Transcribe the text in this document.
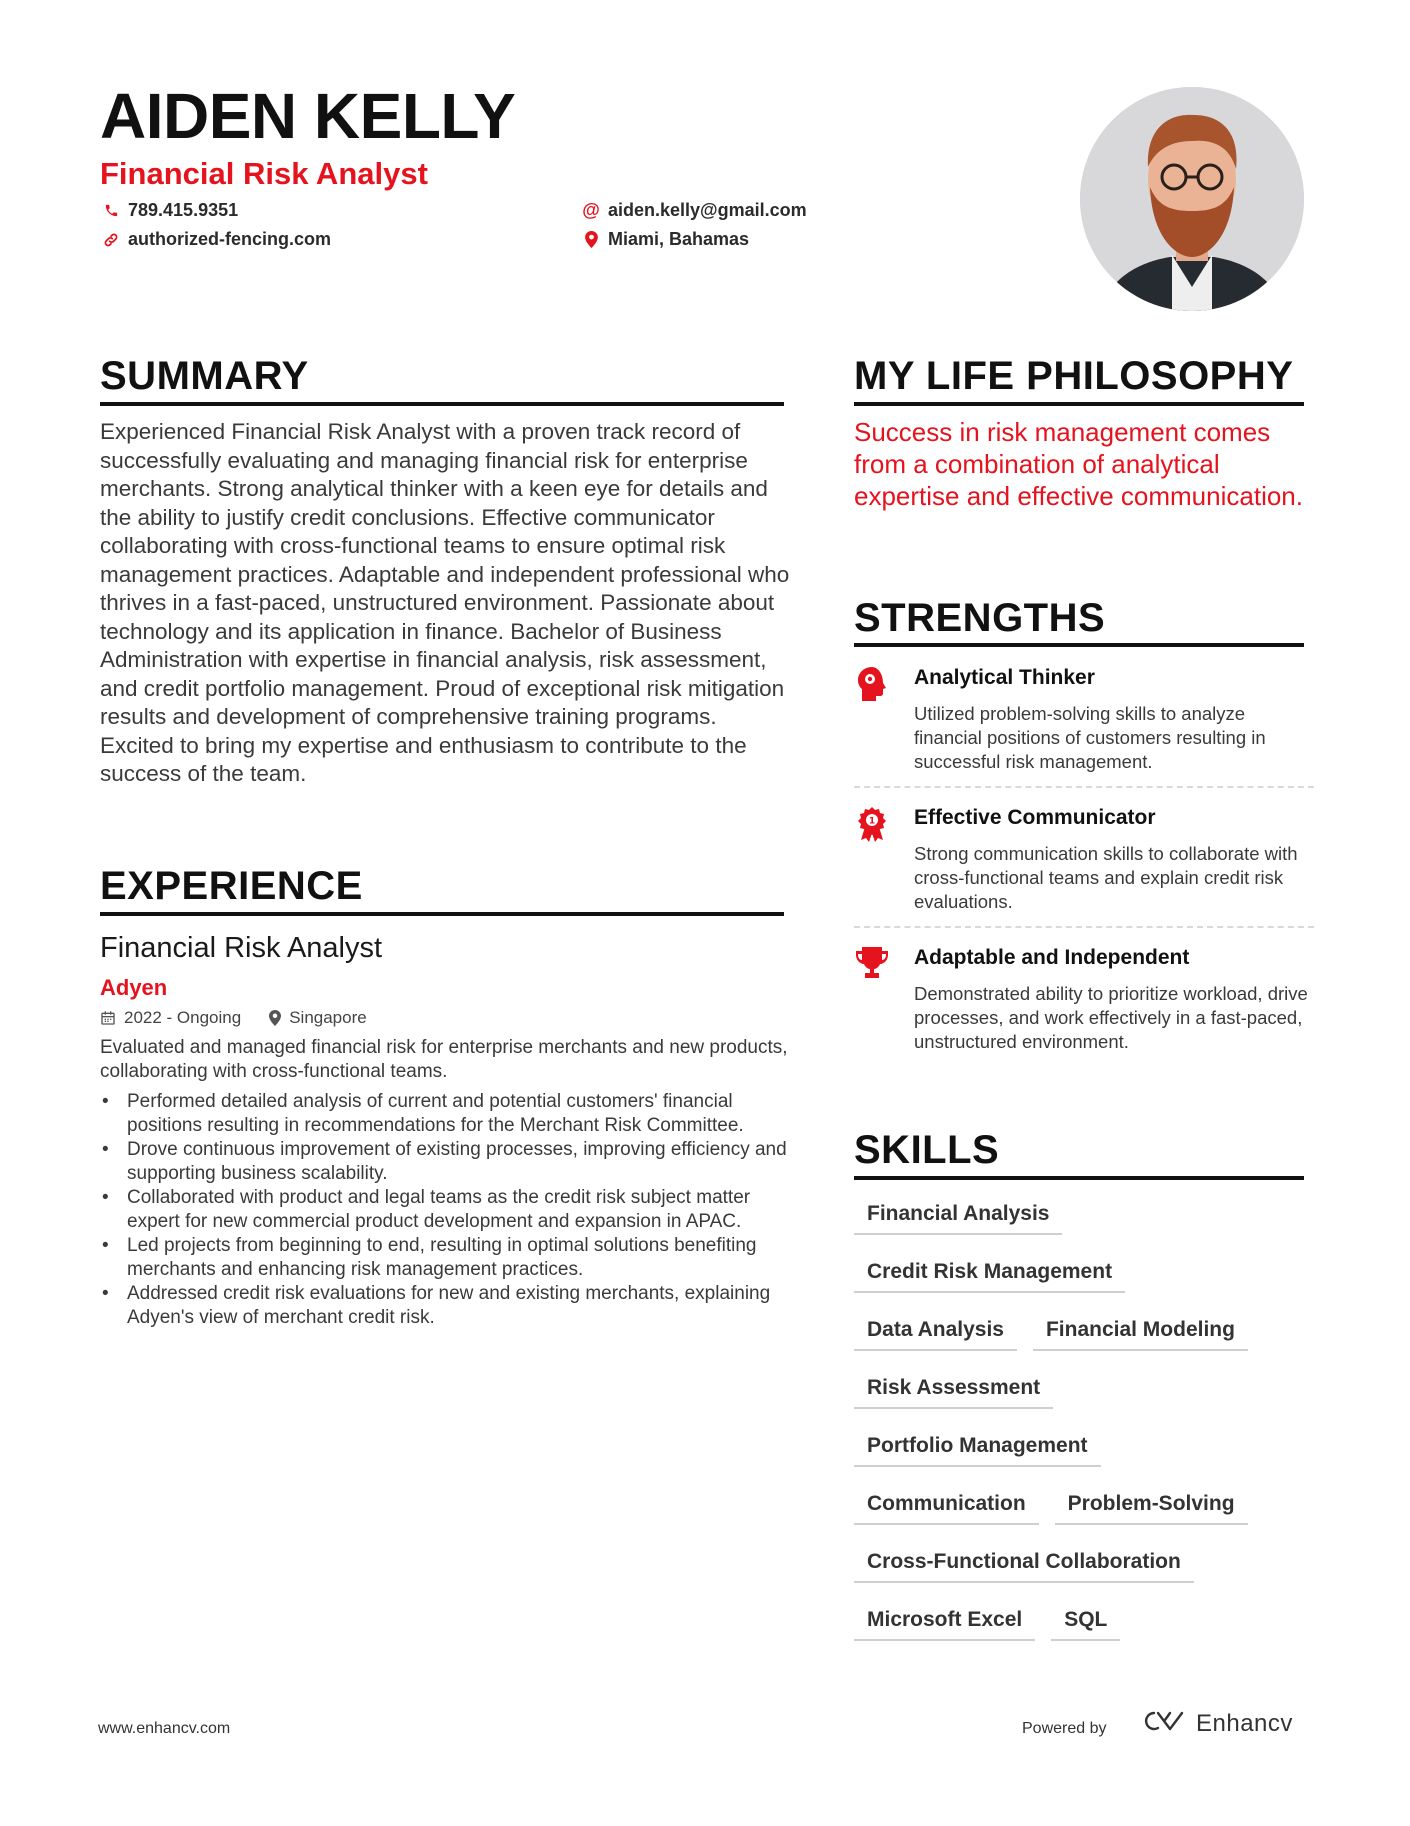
AIDEN KELLY
Financial Risk Analyst
789.415.9351
authorized-fencing.com
@ aiden.kelly@gmail.com
Miami, Bahamas
SUMMARY
Experienced Financial Risk Analyst with a proven track record of successfully evaluating and managing financial risk for enterprise merchants. Strong analytical thinker with a keen eye for details and the ability to justify credit conclusions. Effective communicator collaborating with cross-functional teams to ensure optimal risk management practices. Adaptable and independent professional who thrives in a fast-paced, unstructured environment. Passionate about technology and its application in finance. Bachelor of Business Administration with expertise in financial analysis, risk assessment, and credit portfolio management. Proud of exceptional risk mitigation results and development of comprehensive training programs. Excited to bring my expertise and enthusiasm to contribute to the success of the team.
EXPERIENCE
Financial Risk Analyst
Adyen
2022 - Ongoing	Singapore
Evaluated and managed financial risk for enterprise merchants and new products, collaborating with cross-functional teams.
• Performed detailed analysis of current and potential customers' financial positions resulting in recommendations for the Merchant Risk Committee.
• Drove continuous improvement of existing processes, improving efficiency and supporting business scalability.
• Collaborated with product and legal teams as the credit risk subject matter expert for new commercial product development and expansion in APAC.
• Led projects from beginning to end, resulting in optimal solutions benefiting merchants and enhancing risk management practices.
• Addressed credit risk evaluations for new and existing merchants, explaining Adyen's view of merchant credit risk.
MY LIFE PHILOSOPHY
Success in risk management comes from a combination of analytical expertise and effective communication.
STRENGTHS
Analytical Thinker
Utilized problem-solving skills to analyze financial positions of customers resulting in successful risk management.
1 Effective Communicator
Strong communication skills to collaborate with cross-functional teams and explain credit risk evaluations.
Adaptable and Independent
Demonstrated ability to prioritize workload, drive processes, and work effectively in a fast-paced, unstructured environment.
SKILLS
Financial Analysis
Credit Risk Management
Data Analysis	Financial Modeling
Risk Assessment
Portfolio Management
Communication	Problem-Solving
Cross-Functional Collaboration
Microsoft Excel	SQL
www.enhancv.com	Powered by	Enhancv
